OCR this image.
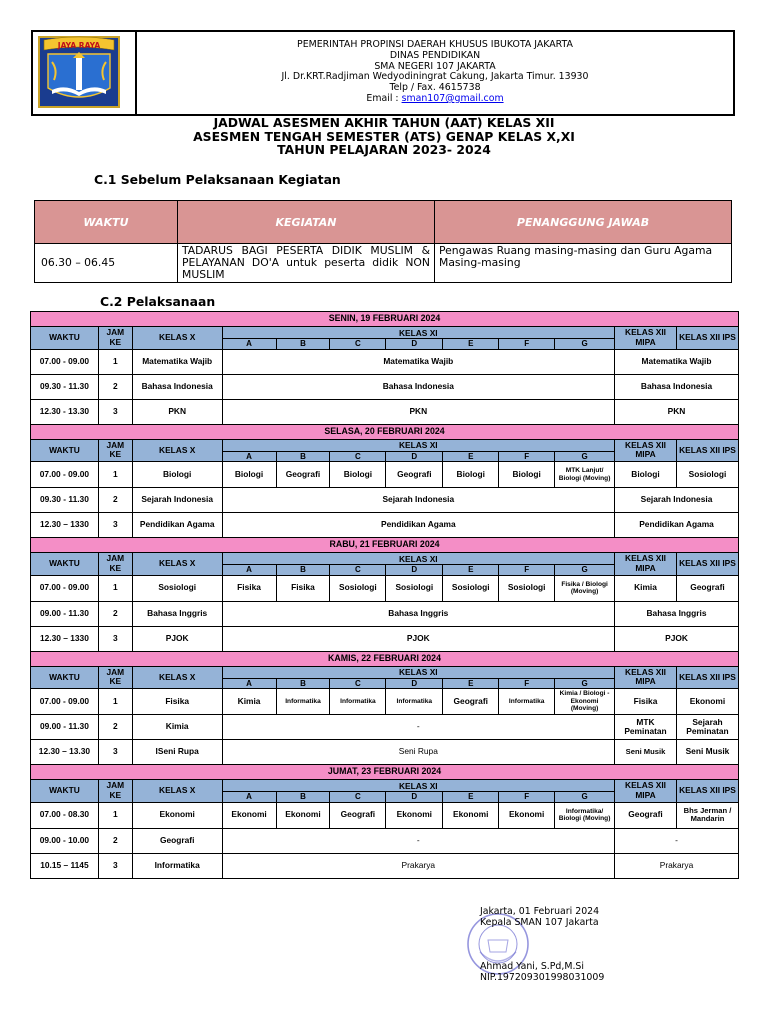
JAYA RAYA	PEMERINTAH PROPINSI DAERAH KHUSUS IBUKOTA JAKARTA
DINAS PENDIDIKAN
SMA NEGERI 107 JAKARTA
Jl. Dr.KRT.Radjiman Wedyodiningrat Cakung, Jakarta Timur. 13930
Telp / Fax. 4615738
Email : sman107@gmail.com
JADWAL ASESMEN AKHIR TAHUN (AAT) KELAS XII
ASESMEN TENGAH SEMESTER (ATS) GENAP KELAS X,XI
TAHUN PELAJARAN 2023- 2024
C.1 Sebelum Pelaksanaan Kegiatan
WAKTU	KEGIATAN	PENANGGUNG JAWAB
06.30 – 06.45	TADARUS BAGI PESERTA DIDIK MUSLIM & PELAYANAN DO'A untuk peserta didik NON MUSLIM	Pengawas Ruang masing-masing dan Guru Agama Masing-masing
C.2 Pelaksanaan
SENIN, 19 FEBRUARI 2024											
WAKTU	JAM KE	KELAS X	KELAS XI							KELAS XII MIPA	KELAS XII IPS
			A	B	C	D	E	F	G		
07.00 - 09.00	1	Matematika Wajib	Matematika Wajib							Matematika Wajib	
09.30 - 11.30	2	Bahasa Indonesia	Bahasa Indonesia							Bahasa Indonesia	
12.30 - 13.30	3	PKN	PKN							PKN	
SELASA, 20 FEBRUARI 2024											
WAKTU	JAM KE	KELAS X	KELAS XI							KELAS XII MIPA	KELAS XII IPS
			A	B	C	D	E	F	G		
07.00 - 09.00	1	Biologi	Biologi	Geografi	Biologi	Geografi	Biologi	Biologi	MTK Lanjut/ Biologi (Moving)	Biologi	Sosiologi
09.30 - 11.30	2	Sejarah Indonesia	Sejarah Indonesia							Sejarah Indonesia	
12.30 – 1330	3	Pendidikan Agama	Pendidikan Agama							Pendidikan Agama	
RABU, 21 FEBRUARI 2024											
WAKTU	JAM KE	KELAS X	KELAS XI							KELAS XII MIPA	KELAS XII IPS
			A	B	C	D	E	F	G		
07.00 - 09.00	1	Sosiologi	Fisika	Fisika	Sosiologi	Sosiologi	Sosiologi	Sosiologi	Fisika / Biologi (Moving)	Kimia	Geografi
09.00 - 11.30	2	Bahasa Inggris	Bahasa Inggris							Bahasa Inggris	
12.30 – 1330	3	PJOK	PJOK							PJOK	
KAMIS, 22 FEBRUARI 2024											
WAKTU	JAM KE	KELAS X	KELAS XI							KELAS XII MIPA	KELAS XII IPS
			A	B	C	D	E	F	G		
07.00 - 09.00	1	Fisika	Kimia	Informatika	Informatika	Informatika	Geografi	Informatika	Kimia / Biologi - Ekonomi (Moving)	Fisika	Ekonomi
09.00 - 11.30	2	Kimia	-							MTK Peminatan	Sejarah Peminatan
12.30 – 13.30	3	ISeni Rupa	Seni Rupa							Seni Musik	Seni Musik
JUMAT, 23 FEBRUARI 2024											
WAKTU	JAM KE	KELAS X	KELAS XI							KELAS XII MIPA	KELAS XII IPS
			A	B	C	D	E	F	G		
07.00 - 08.30	1	Ekonomi	Ekonomi	Ekonomi	Geografi	Ekonomi	Ekonomi	Ekonomi	Informatika/ Biologi (Moving)	Geografi	Bhs Jerman / Mandarin
09.00 - 10.00	2	Geografi	-							-	
10.15 – 1145	3	Informatika	Prakarya							Prakarya	
Jakarta, 01 Februari 2024
Kepala SMAN 107 Jakarta
Ahmad Yani, S.Pd,M.Si
NIP.197209301998031009
